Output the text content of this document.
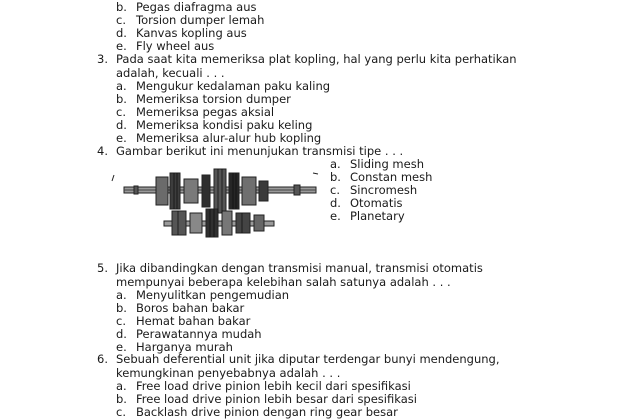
b. Pegas diafragma aus
c. Torsion dumper lemah
d. Kanvas kopling aus
e. Fly wheel aus
3. Pada saat kita memeriksa plat kopling, hal yang perlu kita perhatikan
adalah, kecuali . . .
a. Mengukur kedalaman paku kaling
b. Memeriksa torsion dumper
c. Memeriksa pegas aksial
d. Memeriksa kondisi paku keling
e. Memeriksa alur-alur hub kopling
4. Gambar berikut ini menunjukan transmisi tipe . . .
a. Sliding mesh
b. Constan mesh
c. Sincromesh
d. Otomatis
e. Planetary
5. Jika dibandingkan dengan transmisi manual, transmisi otomatis
mempunyai beberapa kelebihan salah satunya adalah . . .
a. Menyulitkan pengemudian
b. Boros bahan bakar
c. Hemat bahan bakar
d. Perawatannya mudah
e. Harganya murah
6. Sebuah deferential unit jika diputar terdengar bunyi mendengung,
kemungkinan penyebabnya adalah . . .
a. Free load drive pinion lebih kecil dari spesifikasi
b. Free load drive pinion lebih besar dari spesifikasi
c. Backlash drive pinion dengan ring gear besar
